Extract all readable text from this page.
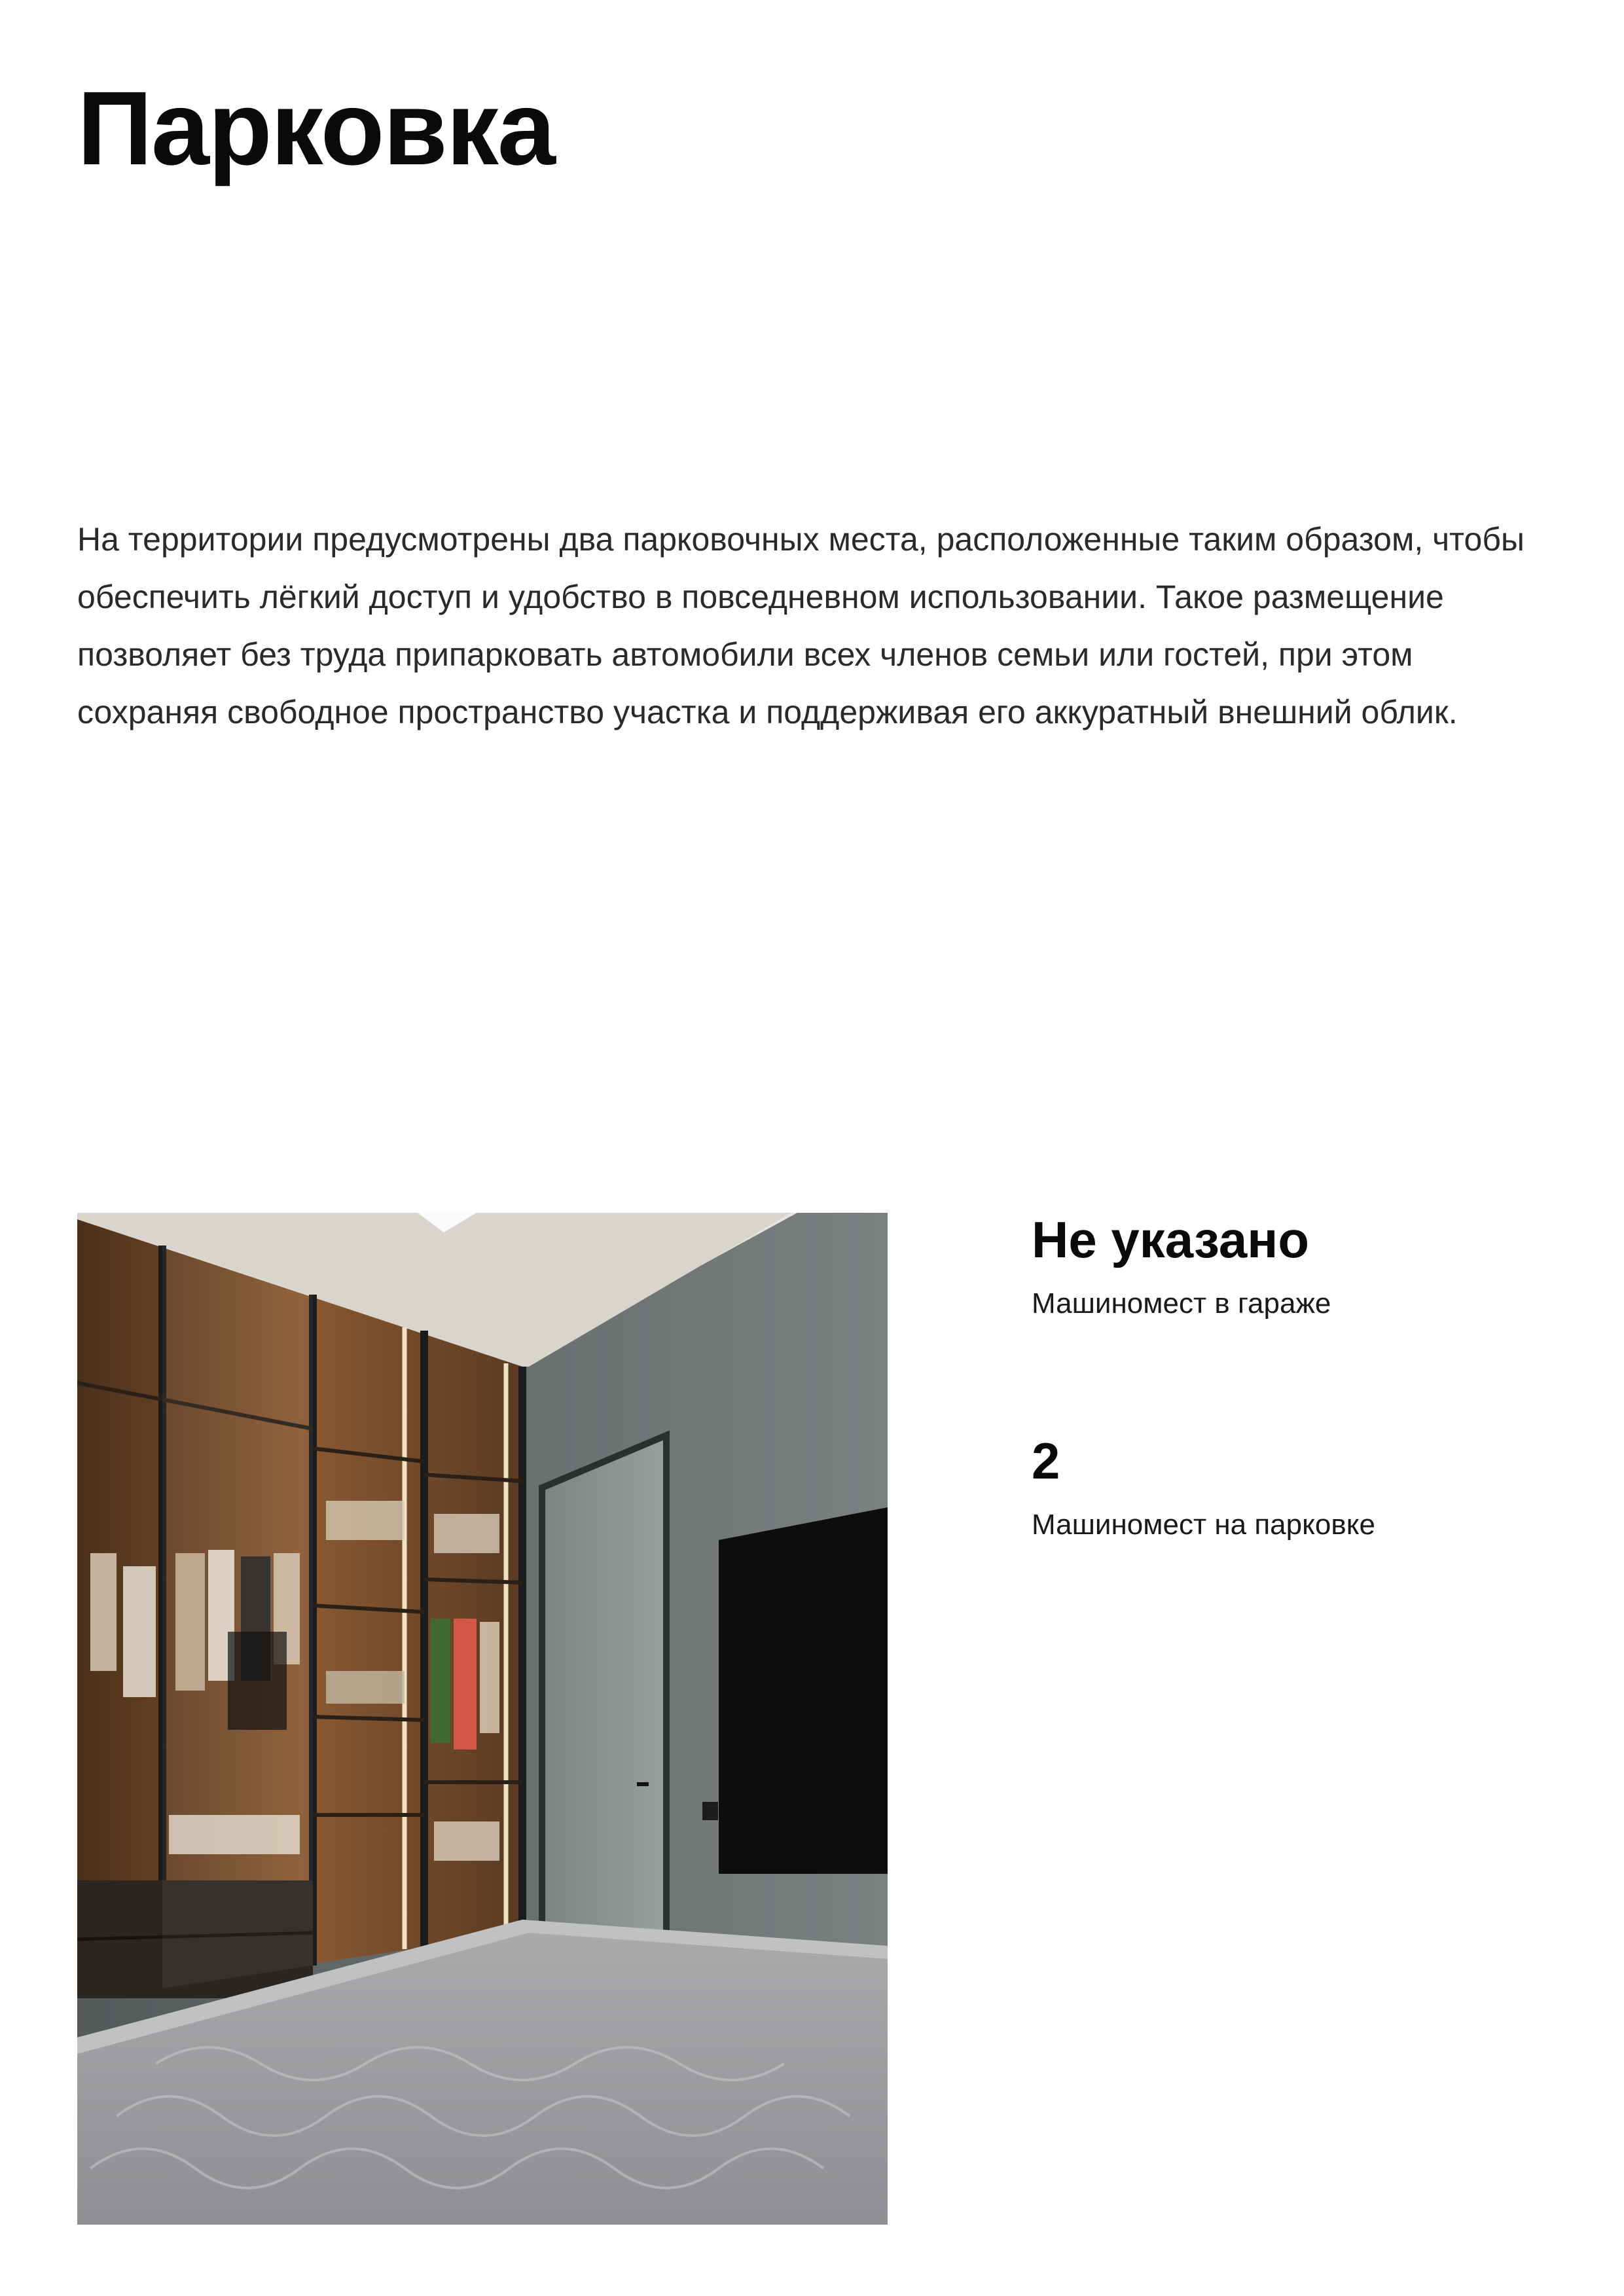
Парковка

На территории предусмотрены два парковочных места, расположенные таким образом, чтобы обеспечить лёгкий доступ и удобство в повседневном использовании. Такое размещение позволяет без труда припарковать автомобили всех членов семьи или гостей, при этом сохраняя свободное пространство участка и поддерживая его аккуратный внешний облик.

Не указано

Машиномест в гараже

2

Машиномест на парковке
